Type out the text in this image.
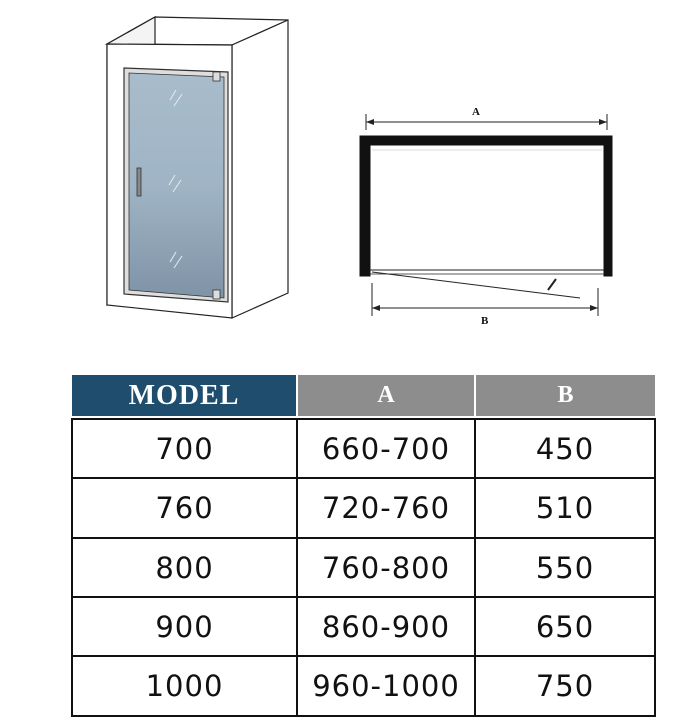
A
B
MODEL	A	B

700	660-700	450
760	720-760	510
800	760-800	550
900	860-900	650
1000	960-1000	750
